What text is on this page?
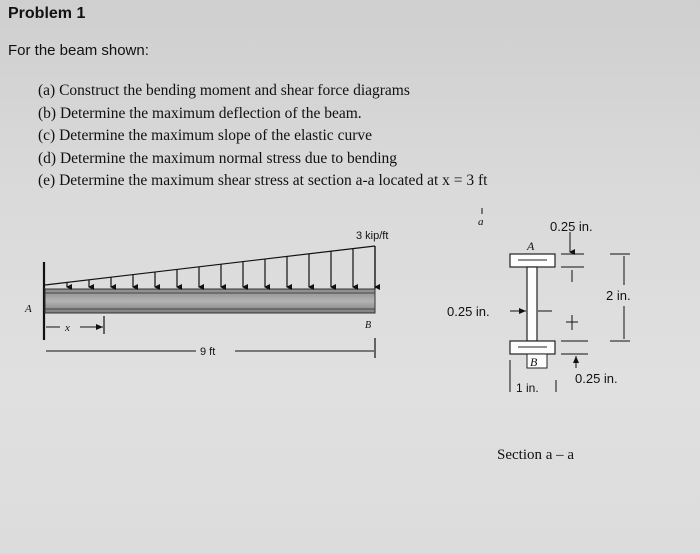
Problem 1
For the beam shown:
(a) Construct the bending moment and shear force diagrams
(b) Determine the maximum deflection of the beam.
(c) Determine the maximum slope of the elastic curve
(d) Determine the maximum normal stress due to bending
(e) Determine the maximum shear stress at section a-a located at x = 3 ft
A
3 kip/ft
B
x
9 ft
a
A
0.25 in.
2 in.
0.25 in.
B
1 in.
0.25 in.
Section a – a
